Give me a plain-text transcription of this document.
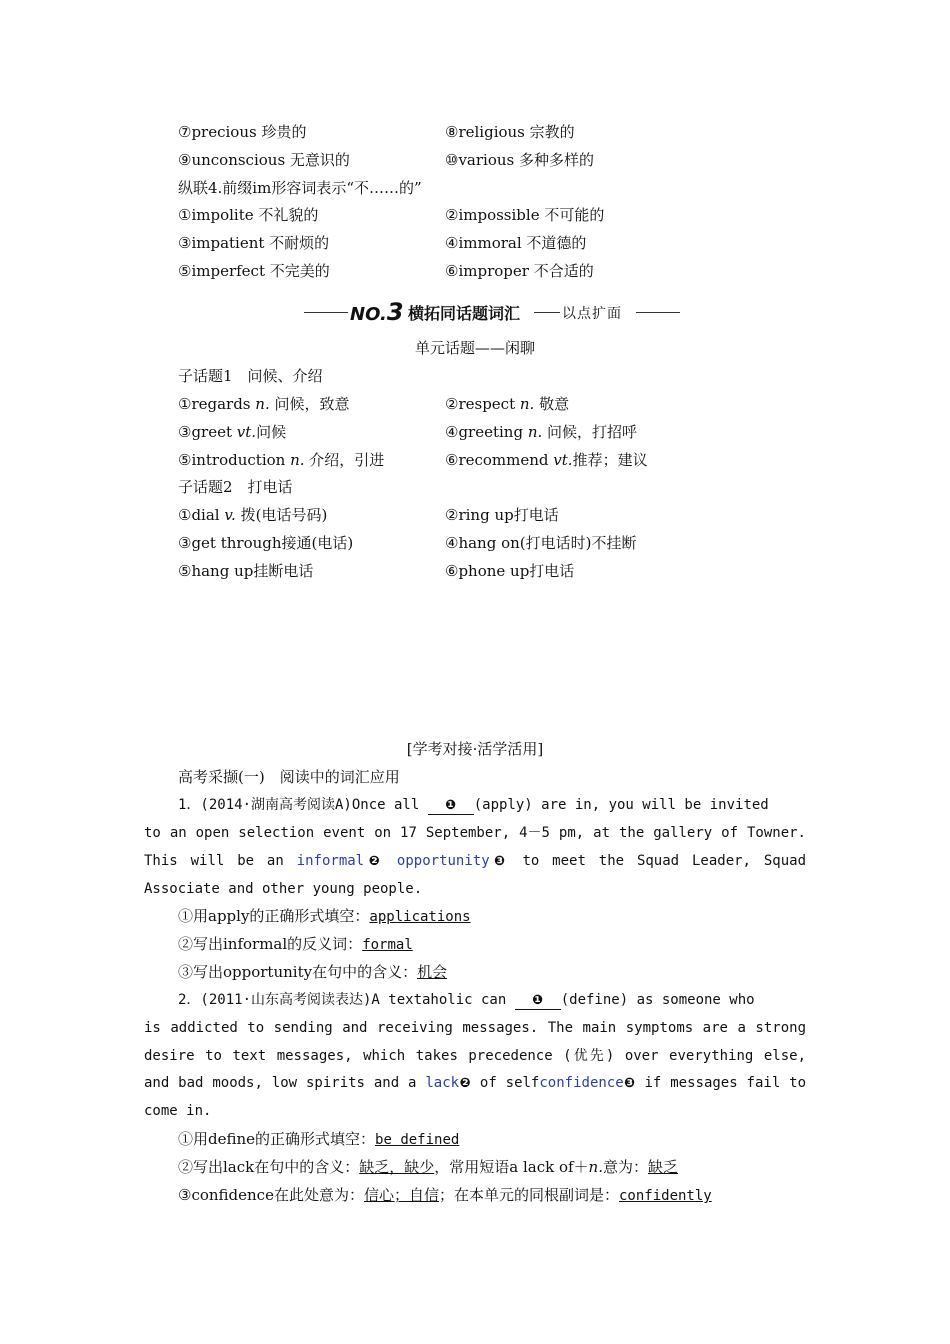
⑦precious 珍贵的	⑧religious 宗教的
⑨unconscious 无意识的	⑩various 多种多样的
纵联4.前缀im形容词表示“不……的”
①impolite 不礼貌的	②impossible 不可能的
③impatient 不耐烦的	④immoral 不道德的
⑤imperfect 不完美的	⑥improper 不合适的
NO.3 横拓同话题词汇	以点扩面
单元话题——闲聊
子话题1　问候、介绍
①regards n. 问候，致意	②respect n. 敬意
③greet vt.问候	④greeting n. 问候，打招呼
⑤introduction n. 介绍，引进	⑥recommend vt.推荐；建议
子话题2　打电话
①dial v. 拨(电话号码)	②ring up打电话
③get through接通(电话)	④hang on(打电话时)不挂断
⑤hang up挂断电话	⑥phone up打电话
[学考对接·活学活用]
高考采撷(一)　阅读中的词汇应用
1．(2014·湖南高考阅读A)Once all ❶ (apply) are in, you will be invited
to an open selection event on 17 September, 4－5 pm, at the gallery of Towner.
This will be an informal❷ opportunity❸ to meet the Squad Leader, Squad
Associate and other young people.
①用apply的正确形式填空：applications
②写出informal的反义词：formal
③写出opportunity在句中的含义：机会
2．(2011·山东高考阅读表达)A textaholic can ❶ (define) as someone who
is addicted to sending and receiving messages. The main symptoms are a strong
desire to text messages, which takes precedence (优先) over everything else,
and bad moods, low spirits and a lack❷ of selfconfidence❸ if messages fail to
come in.
①用define的正确形式填空：be defined
②写出lack在句中的含义：缺乏，缺少，常用短语a lack of＋n.意为：缺乏
③confidence在此处意为：信心；自信；在本单元的同根副词是：confidently
